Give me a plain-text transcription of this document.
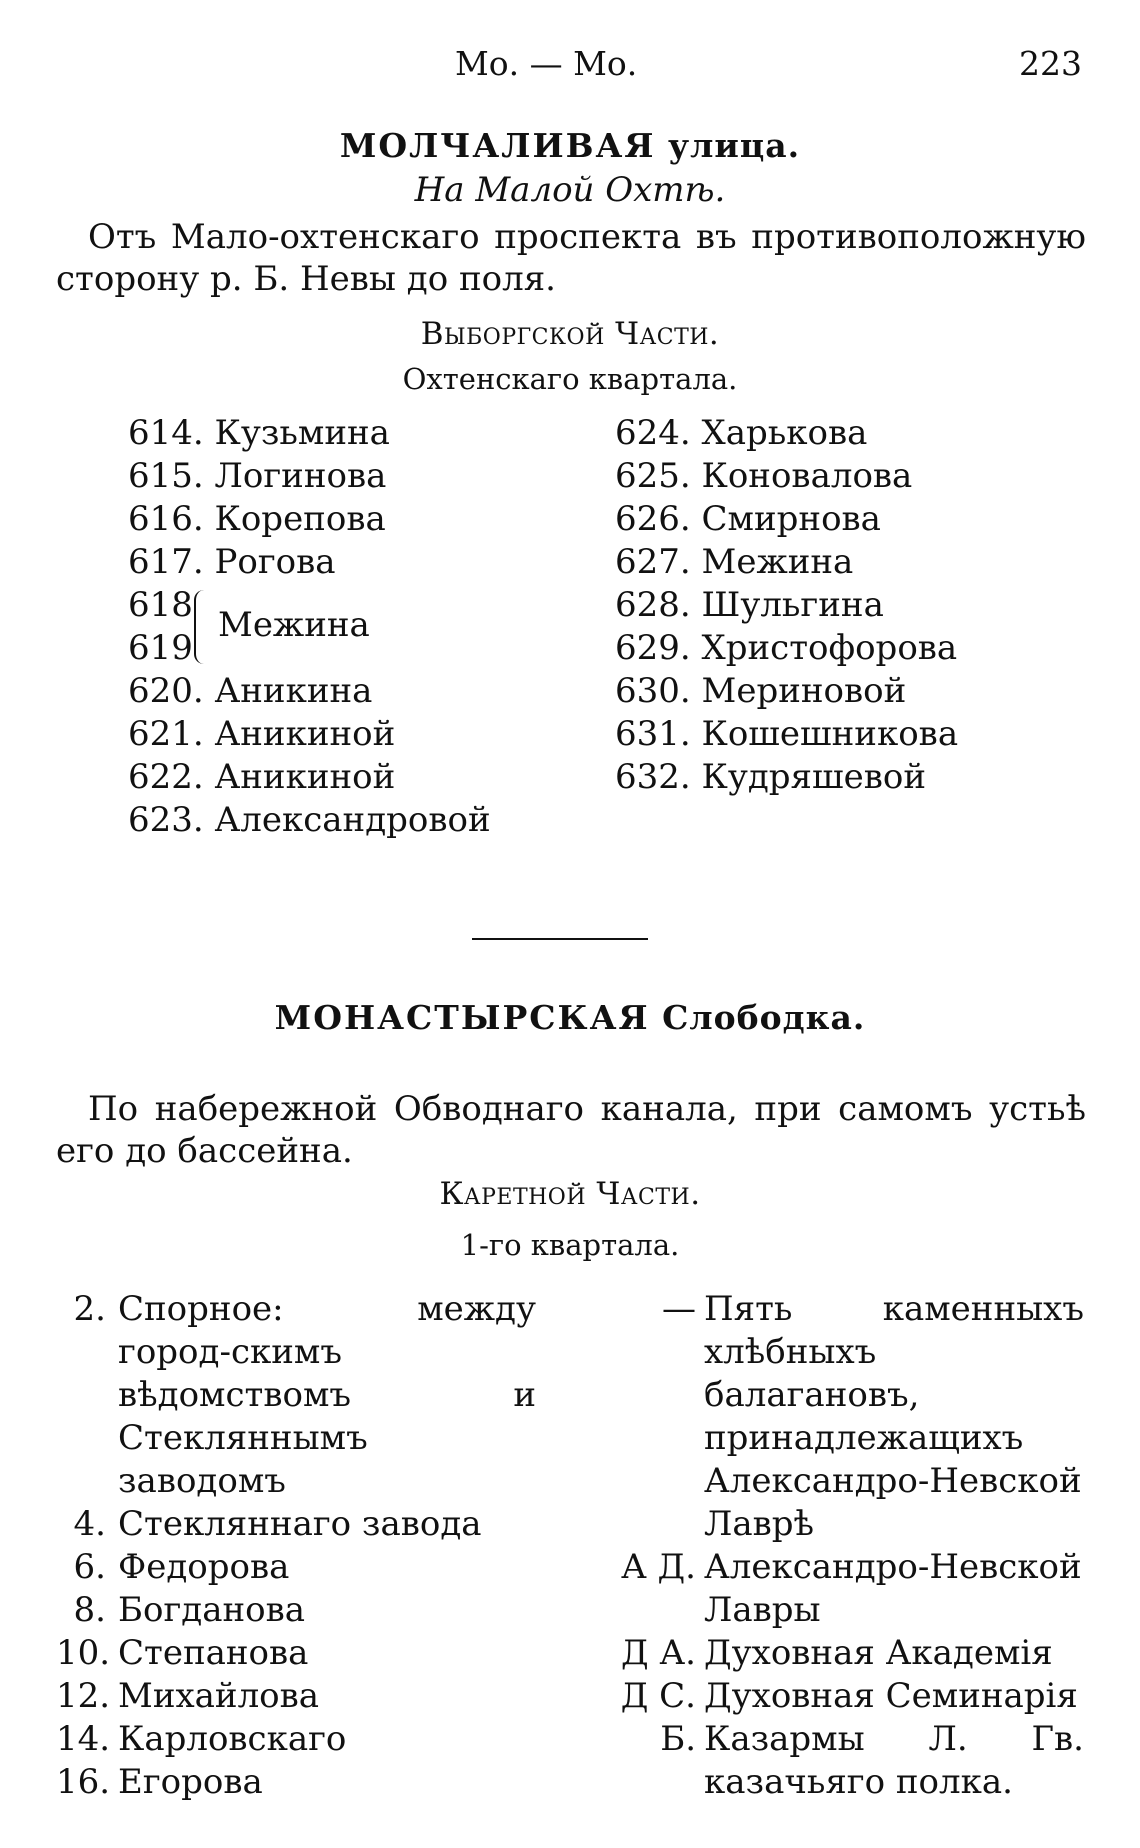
Мо. — Мо.	223
МОЛЧАЛИВАЯ улица.
На Малой Охтѣ.
Отъ Мало-охтенскаго проспекта въ противоположную сторону р. Б. Невы до поля.
Выборгской Части.
Охтенскаго квартала.
614. Кузьмина
615. Логинова
616. Корепова
617. Рогова
618
619
Межина
620. Аникина
621. Аникиной
622. Аникиной
623. Александровой
624. Харькова
625. Коновалова
626. Смирнова
627. Межина
628. Шульгина
629. Христофорова
630. Мериновой
631. Кошешникова
632. Кудряшевой
МОНАСТЫРСКАЯ Слободка.
По набережной Обводнаго канала, при самомъ устьѣ его до бассейна.
Каретной Части.
1-го квартала.
2. Спорное: между город-скимъ вѣдомствомъ и Стекляннымъ заводомъ
4. Стекляннаго завода
6. Федорова
8. Богданова
10. Степанова
12. Михайлова
14. Карловскаго
16. Егорова
— Пять каменныхъ хлѣбныхъ балагановъ, принадлежащихъ Александро-Невской Лаврѣ
А Д. Александро-Невской Лавры
Д А. Духовная Академія
Д С. Духовная Семинарія
Б. Казармы Л. Гв. казачьяго полка.
